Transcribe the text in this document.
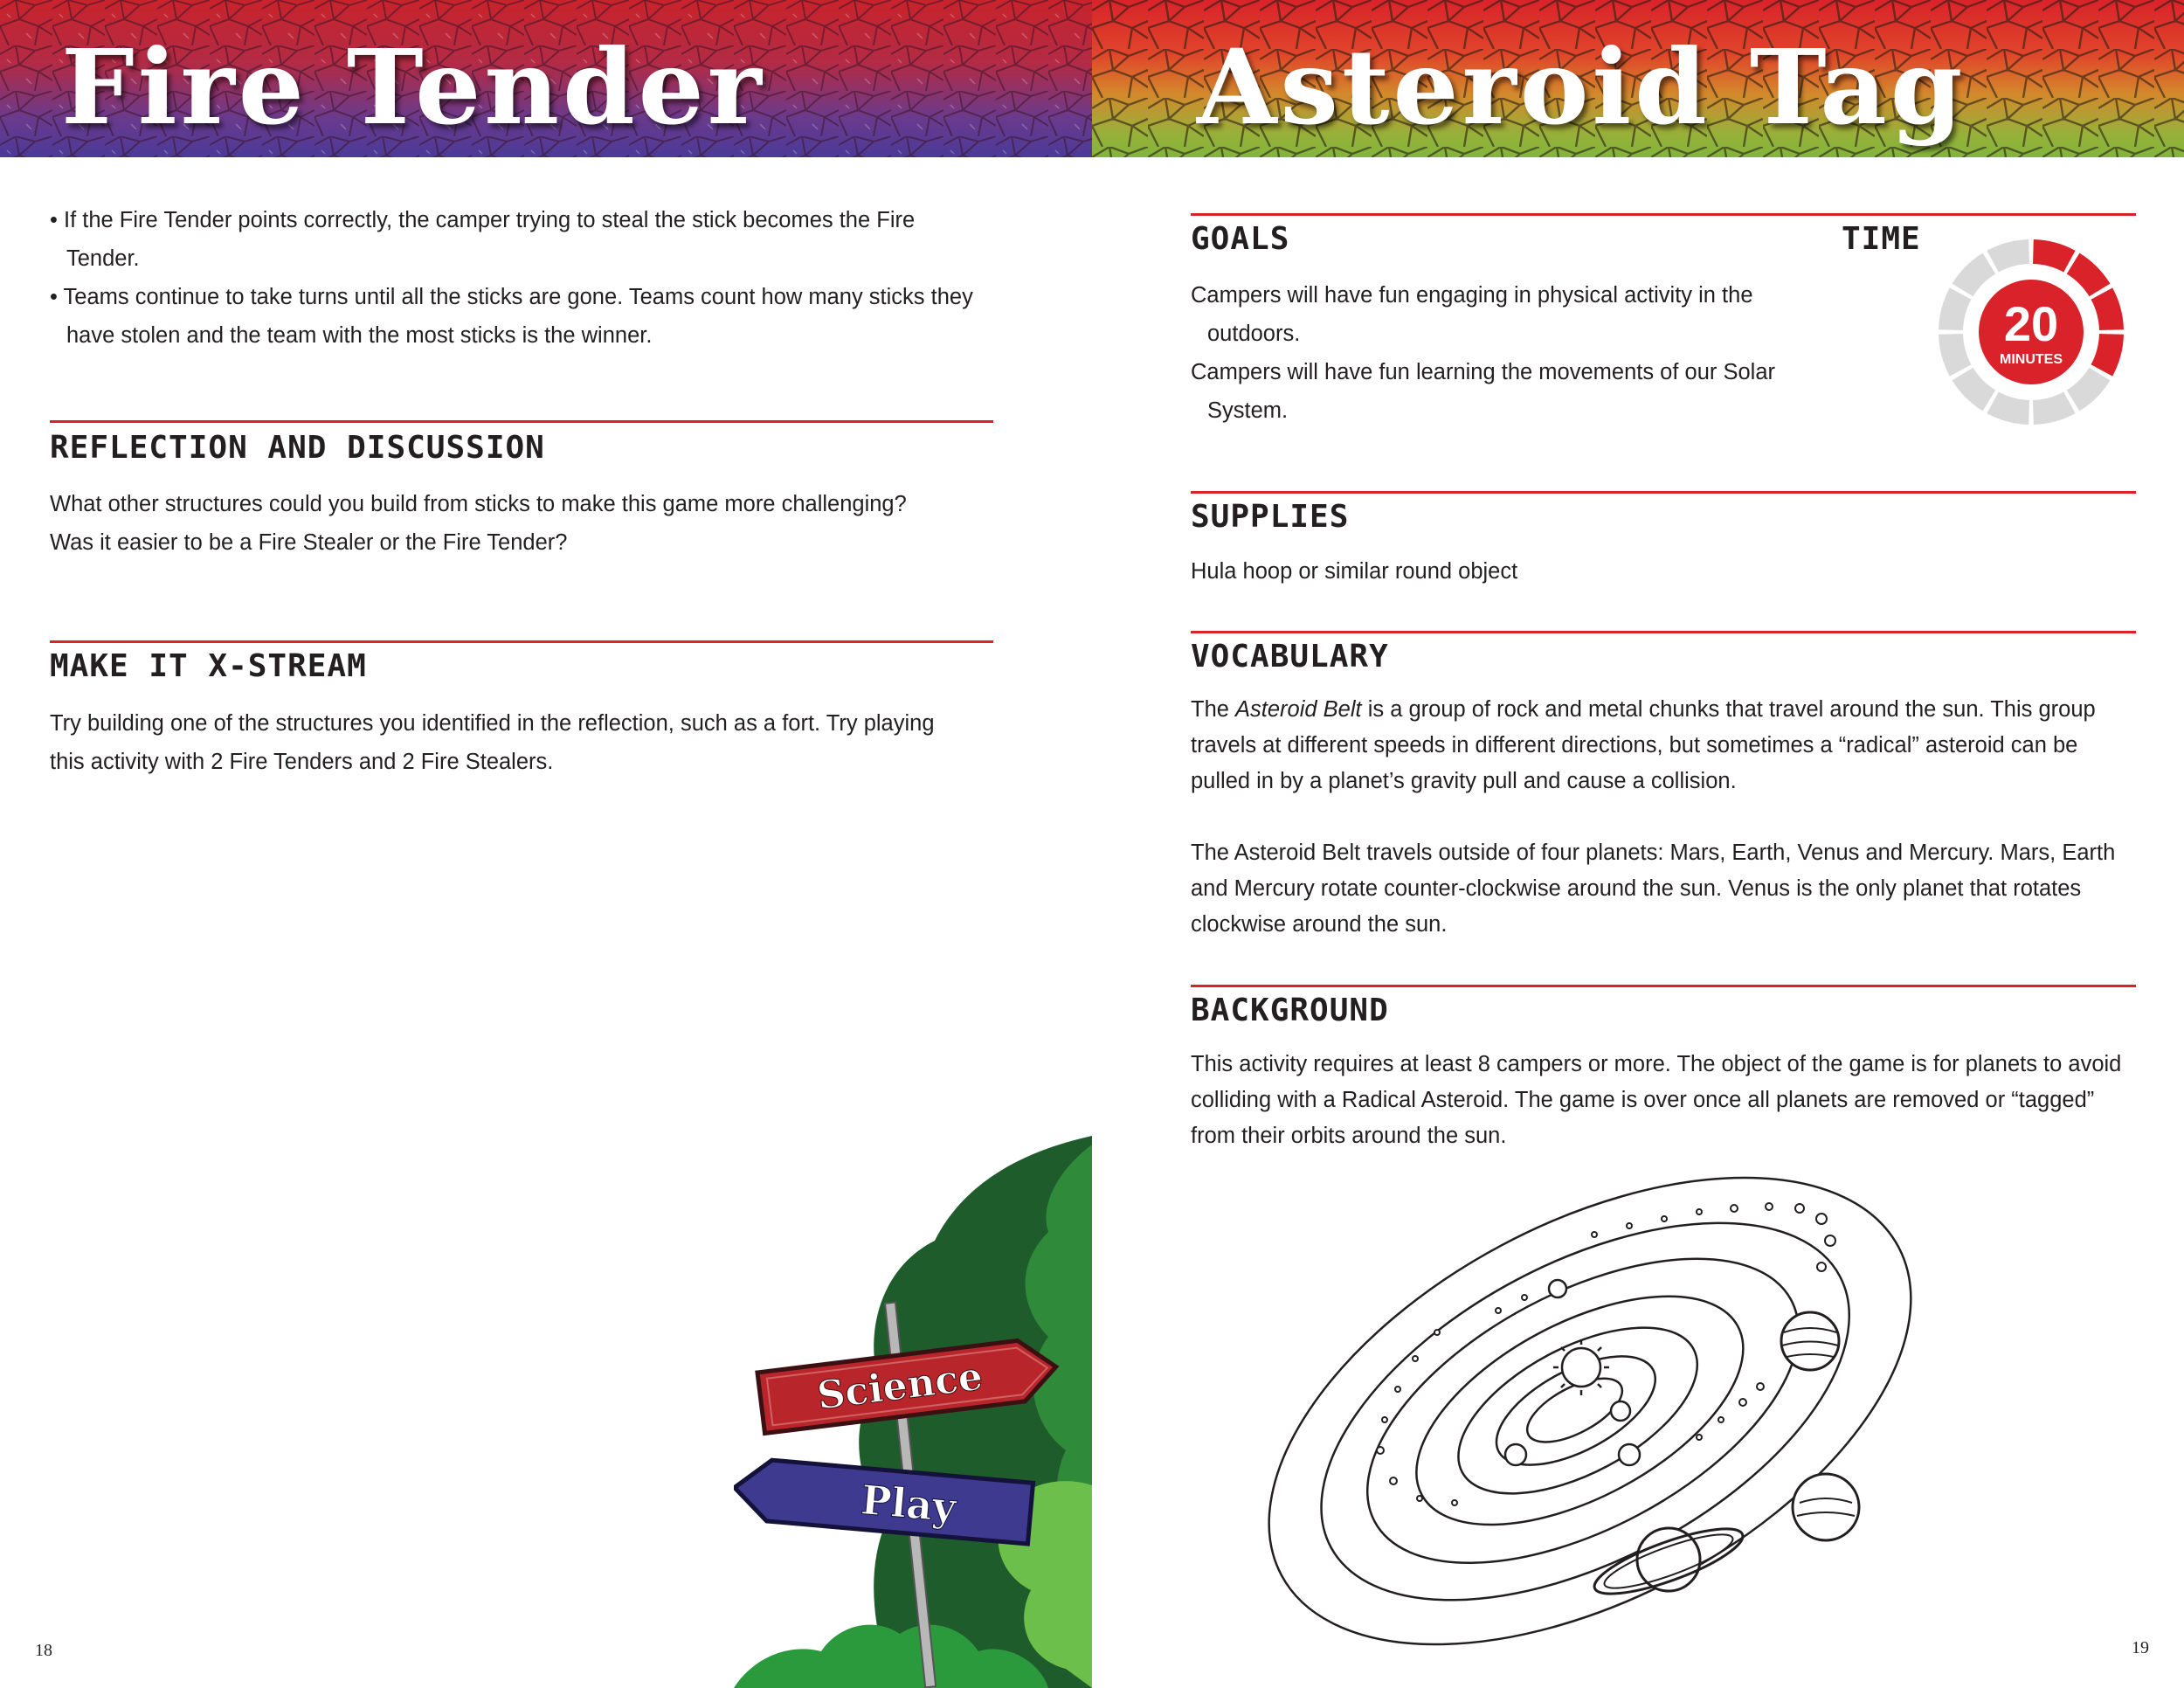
Fire Tender	Asteroid Tag

• If the Fire Tender points correctly, the camper trying to steal the stick becomes the Fire Tender.

• Teams continue to take turns until all the sticks are gone. Teams count how many sticks they have stolen and the team with the most sticks is the winner.

REFLECTION AND DISCUSSION

What other structures could you build from sticks to make this game more challenging?

Was it easier to be a Fire Stealer or the Fire Tender?

MAKE IT X-STREAM

Try building one of the structures you identified in the reflection, such as a fort. Try playing

this activity with 2 Fire Tenders and 2 Fire Stealers.

Science
Play
18
GOALS	TIME

Campers will have fun engaging in physical activity in the outdoors.

Campers will have fun learning the movements of our Solar System.

20
MINUTES
SUPPLIES

Hula hoop or similar round object

VOCABULARY

The Asteroid Belt is a group of rock and metal chunks that travel around the sun. This group travels at different speeds in different directions, but sometimes a “radical” asteroid can be pulled in by a planet’s gravity pull and cause a collision.

The Asteroid Belt travels outside of four planets: Mars, Earth, Venus and Mercury. Mars, Earth and Mercury rotate counter-clockwise around the sun. Venus is the only planet that rotates clockwise around the sun.

BACKGROUND

This activity requires at least 8 campers or more. The object of the game is for planets to avoid colliding with a Radical Asteroid. The game is over once all planets are removed or “tagged” from their orbits around the sun.

19
